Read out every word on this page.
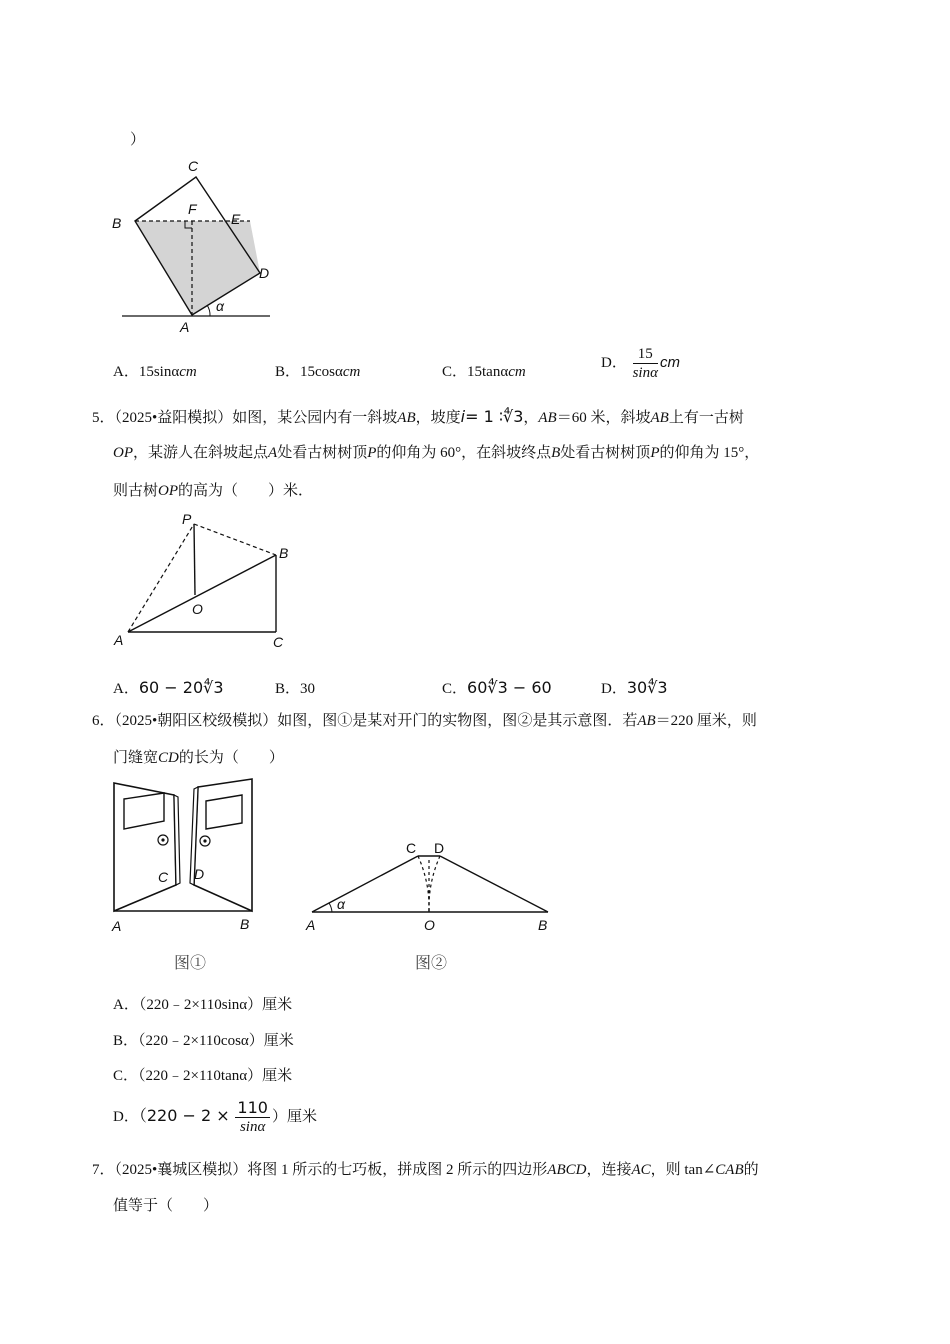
）
C
B
F
E
D
A
α
A．15sinαcm	B．15cosαcm	C．15tanαcm
D． $\frac{15}{\sin\alpha}$ cm
5．（2025•益阳模拟）如图，某公园内有一斜坡AB，坡度i= 1 ∶∜3，AB＝60 米，斜坡AB上有一古树
OP，某游人在斜坡起点A处看古树树顶P的仰角为 60°，在斜坡终点B处看古树树顶P的仰角为 15°，
则古树OP的高为（　　）米．
P
B
O
A	C
A．60 − 20∜3	B．30	C．60∜3 − 60	D．30∜3
6．（2025•朝阳区校级模拟）如图，图①是某对开门的实物图，图②是其示意图．若AB＝220 厘米，则
门缝宽CD的长为（　　）
C D
A	B
图①
C D
α
A	O	B
图②
A．（220﹣2×110sinα）厘米
B．（220﹣2×110cosα）厘米
C．（220﹣2×110tanα）厘米
D．（$220 - 2 \times \frac{110}{\sin\alpha}$ ）厘米
7．（2025•襄城区模拟）将图 1 所示的七巧板，拼成图 2 所示的四边形ABCD，连接AC，则 tan∠CAB的
值等于（　　）
